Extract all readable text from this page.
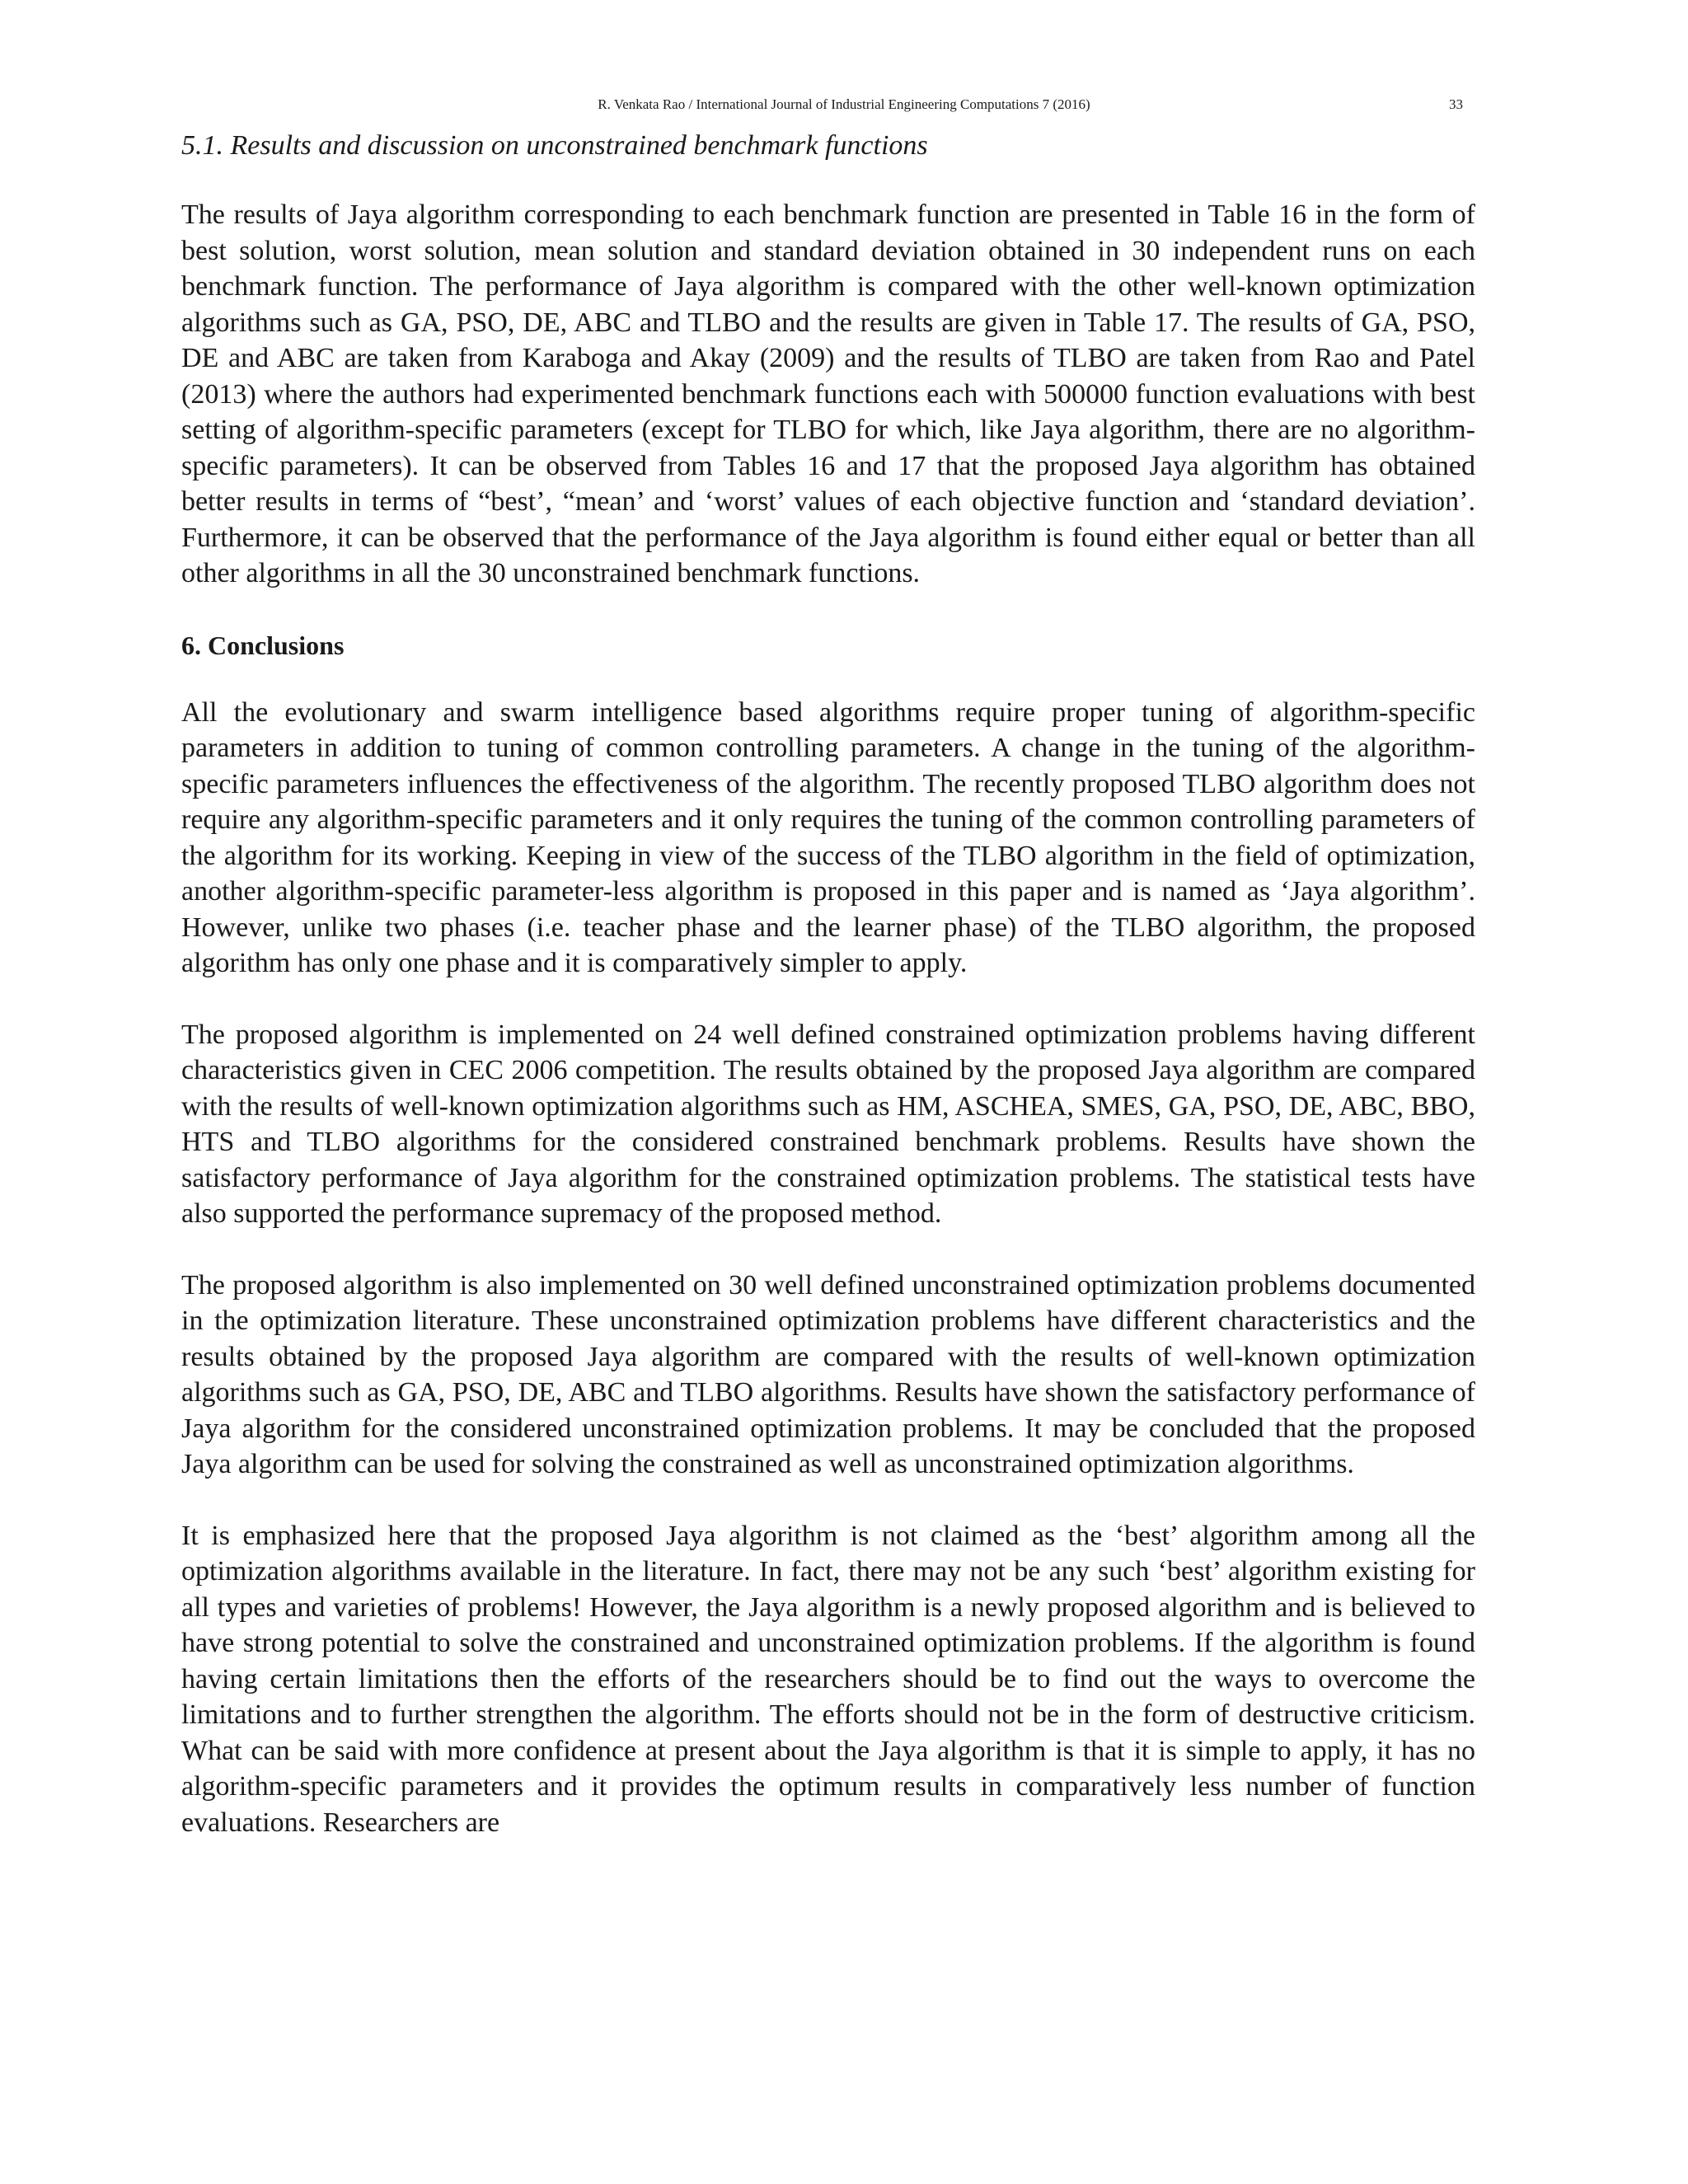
R. Venkata Rao / International Journal of Industrial Engineering Computations 7 (2016)	33
5.1. Results and discussion on unconstrained benchmark functions

The results of Jaya algorithm corresponding to each benchmark function are presented in Table 16 in the form of best solution, worst solution, mean solution and standard deviation obtained in 30 independent runs on each benchmark function. The performance of Jaya algorithm is compared with the other well-known optimization algorithms such as GA, PSO, DE, ABC and TLBO and the results are given in Table 17. The results of GA, PSO, DE and ABC are taken from Karaboga and Akay (2009) and the results of TLBO are taken from Rao and Patel (2013) where the authors had experimented benchmark functions each with 500000 function evaluations with best setting of algorithm-specific parameters (except for TLBO for which, like Jaya algorithm, there are no algorithm-specific parameters). It can be observed from Tables 16 and 17 that the proposed Jaya algorithm has obtained better results in terms of “best’, “mean’ and ‘worst’ values of each objective function and ‘standard deviation’. Furthermore, it can be observed that the performance of the Jaya algorithm is found either equal or better than all other algorithms in all the 30 unconstrained benchmark functions.

6. Conclusions

All the evolutionary and swarm intelligence based algorithms require proper tuning of algorithm-specific parameters in addition to tuning of common controlling parameters. A change in the tuning of the algorithm-specific parameters influences the effectiveness of the algorithm. The recently proposed TLBO algorithm does not require any algorithm-specific parameters and it only requires the tuning of the common controlling parameters of the algorithm for its working. Keeping in view of the success of the TLBO algorithm in the field of optimization, another algorithm-specific parameter-less algorithm is proposed in this paper and is named as ‘Jaya algorithm’. However, unlike two phases (i.e. teacher phase and the learner phase) of the TLBO algorithm, the proposed algorithm has only one phase and it is comparatively simpler to apply.

The proposed algorithm is implemented on 24 well defined constrained optimization problems having different characteristics given in CEC 2006 competition. The results obtained by the proposed Jaya algorithm are compared with the results of well-known optimization algorithms such as HM, ASCHEA, SMES, GA, PSO, DE, ABC, BBO, HTS and TLBO algorithms for the considered constrained benchmark problems. Results have shown the satisfactory performance of Jaya algorithm for the constrained optimization problems. The statistical tests have also supported the performance supremacy of the proposed method.

The proposed algorithm is also implemented on 30 well defined unconstrained optimization problems documented in the optimization literature. These unconstrained optimization problems have different characteristics and the results obtained by the proposed Jaya algorithm are compared with the results of well-known optimization algorithms such as GA, PSO, DE, ABC and TLBO algorithms. Results have shown the satisfactory performance of Jaya algorithm for the considered unconstrained optimization problems. It may be concluded that the proposed Jaya algorithm can be used for solving the constrained as well as unconstrained optimization algorithms.

It is emphasized here that the proposed Jaya algorithm is not claimed as the ‘best’ algorithm among all the optimization algorithms available in the literature. In fact, there may not be any such ‘best’ algorithm existing for all types and varieties of problems! However, the Jaya algorithm is a newly proposed algorithm and is believed to have strong potential to solve the constrained and unconstrained optimization problems. If the algorithm is found having certain limitations then the efforts of the researchers should be to find out the ways to overcome the limitations and to further strengthen the algorithm. The efforts should not be in the form of destructive criticism. What can be said with more confidence at present about the Jaya algorithm is that it is simple to apply, it has no algorithm-specific parameters and it provides the optimum results in comparatively less number of function evaluations. Researchers are
